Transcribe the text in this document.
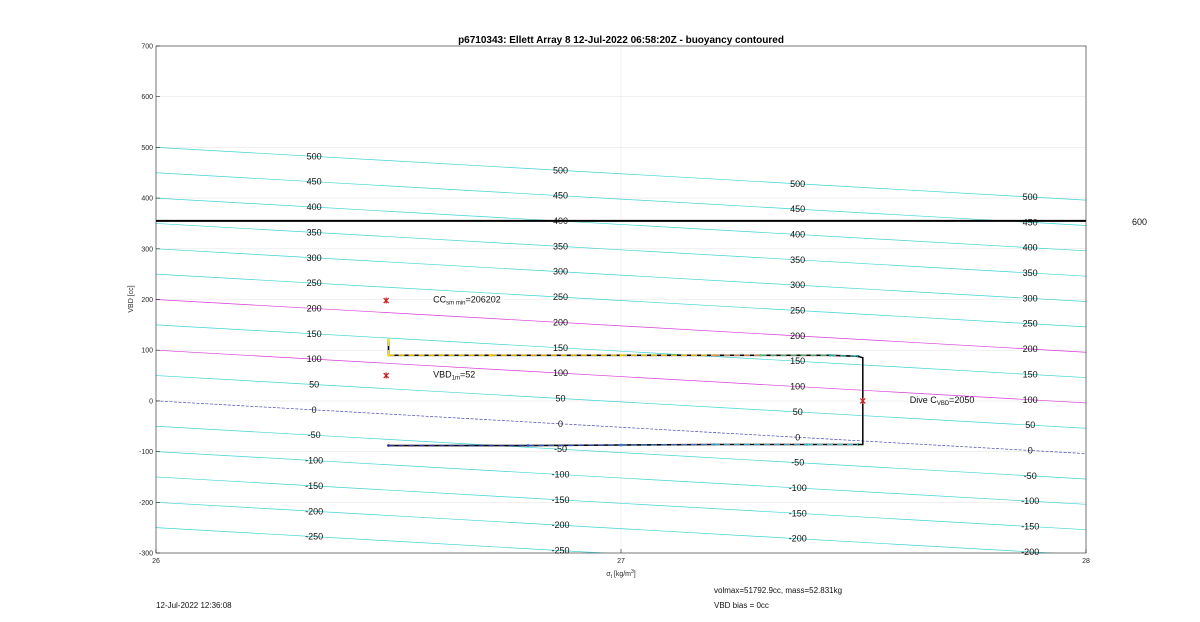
p6710343: Ellett Array 8 12-Jul-2022 06:58:20Z - buoyancy contoured
500
450
400
350
300
250
200
150
100
50
0
-50
-100
-150
-200
-250
500
450
400
350
300
250
200
150
100
50
0
-50
-100
-150
-200
-250
500
450
400
350
300
250
200
150
100
50
0
-50
-100
-150
-200
500
450
400
350
300
250
200
150
100
50
0
-50
-100
-150
-200
600
$CC_{sm min}=206202$
$VBD_{1m}=52$
Dive $C_{VBD}=2050$
26	27	28
-300
-200
-100
0
100
200
300
400
500
600
700
$\sigma_t$ $[kg/m^3]$
VBD [cc]
12-Jul-2022 12:36:08
volmax=51792.9cc, mass=52.831kg
VBD bias = 0cc
